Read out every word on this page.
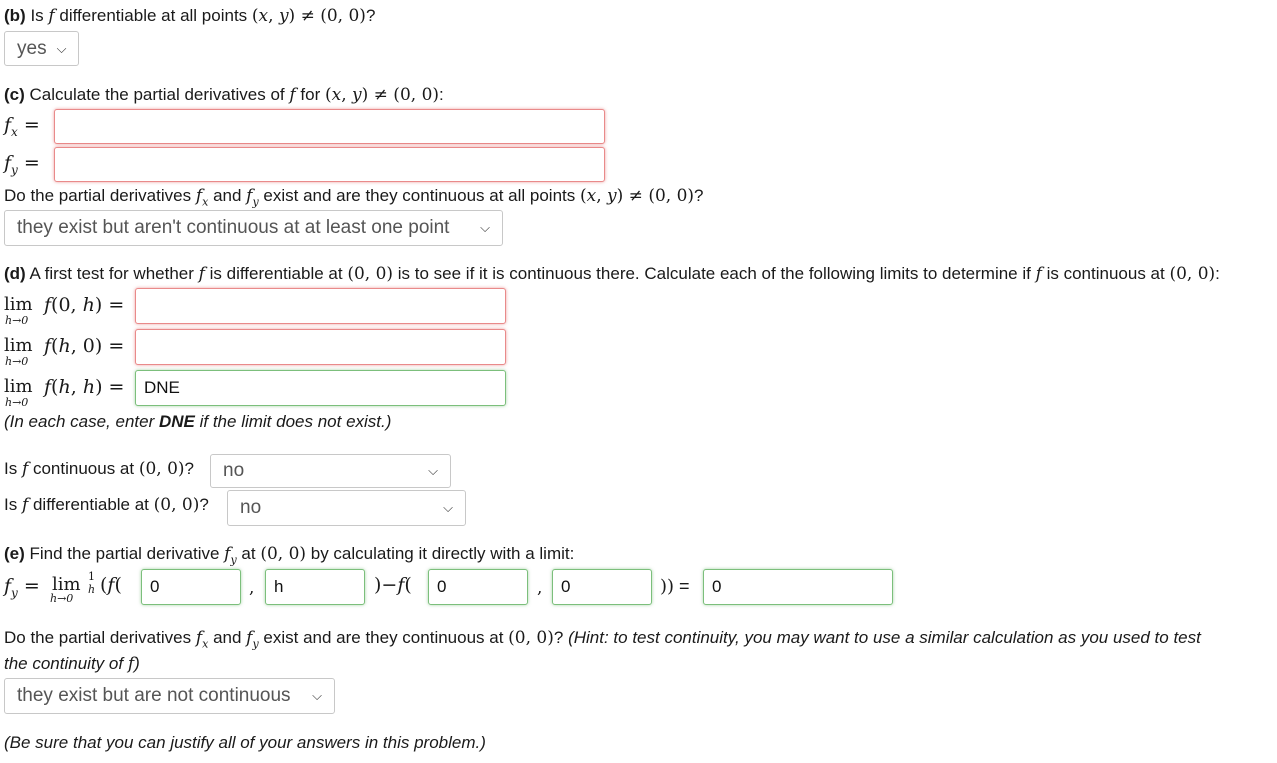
(b) Is f differentiable at all points (x, y) ≠ (0, 0)?
yes ⌵
(c) Calculate the partial derivatives of f for (x, y) ≠ (0, 0):
$f_x$ =
$f_y$ =
Do the partial derivatives $f_x$ and $f_y$ exist and are they continuous at all points (x, y) ≠ (0, 0)?
they exist but aren't continuous at at least one point ⌵
(d) A first test for whether f is differentiable at (0, 0) is to see if it is continuous there. Calculate each of the following limits to determine if f is continuous at (0, 0):
lim
h→0
f(0, h) =
lim
h→0
f(h, 0) =
lim
h→0
f(h, h) = DNE
(In each case, enter DNE if the limit does not exist.)
Is f continuous at (0, 0)? no	⌵
Is f differentiable at (0, 0)? no	⌵
(e) Find the partial derivative $f_y$ at (0, 0) by calculating it directly with a limit:
$f_y = \lim$
h→0
1
h (f( 0	, h	)−f( 0	, 0	)) = 0
Do the partial derivatives $f_x$ and $f_y$ exist and are they continuous at (0, 0)? (Hint: to test continuity, you may want to use a similar calculation as you used to test
the continuity of f)
they exist but are not continuous ⌵
(Be sure that you can justify all of your answers in this problem.)
